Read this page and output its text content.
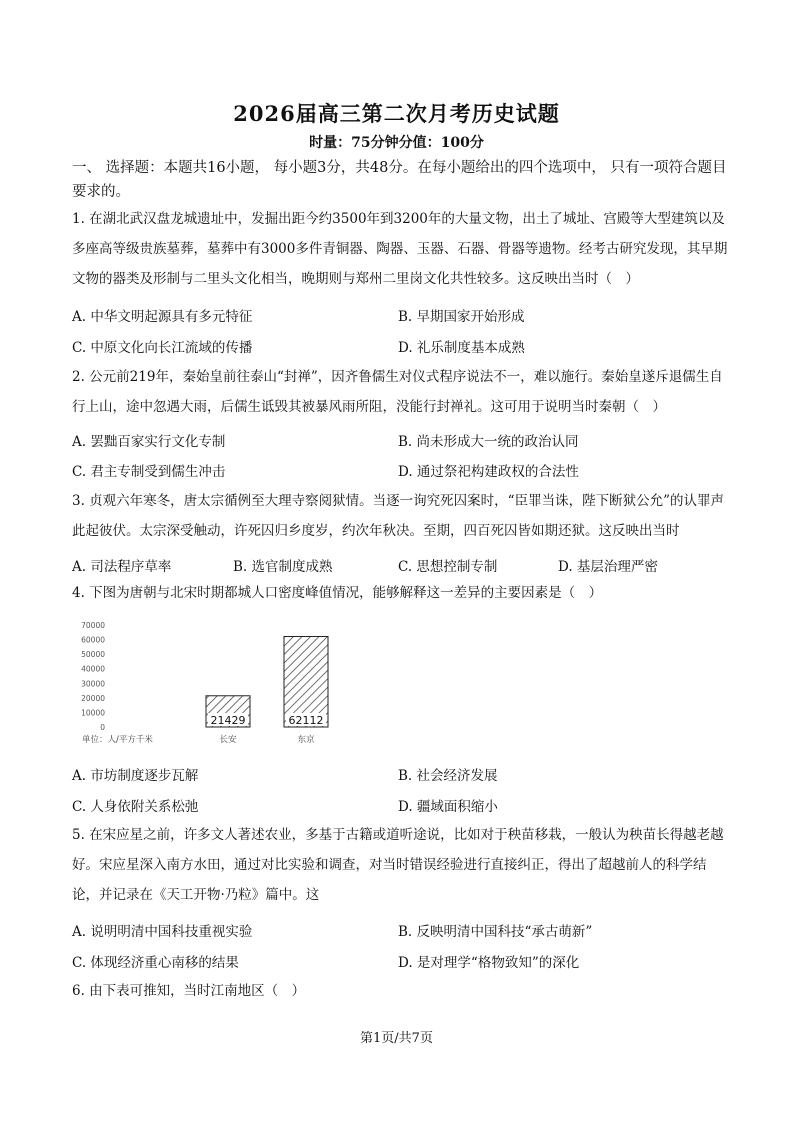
2026届高三第二次月考历史试题
时量：75分钟分值：100分
一、 选择题：本题共16小题， 每小题3分，共48分。在每小题给出的四个选项中， 只有一项符合题目要求的。
1. 在湖北武汉盘龙城遗址中，发掘出距今约3500年到3200年的大量文物，出土了城址、宫殿等大型建筑以及多座高等级贵族墓葬，墓葬中有3000多件青铜器、陶器、玉器、石器、骨器等遗物。经考古研究发现，其早期文物的器类及形制与二里头文化相当，晚期则与郑州二里岗文化共性较多。这反映出当时（　）
A. 中华文明起源具有多元特征	B. 早期国家开始形成
C. 中原文化向长江流域的传播	D. 礼乐制度基本成熟
2. 公元前219年，秦始皇前往泰山“封禅”，因齐鲁儒生对仪式程序说法不一，难以施行。秦始皇遂斥退儒生自行上山，途中忽遇大雨，后儒生诋毁其被暴风雨所阻，没能行封禅礼。这可用于说明当时秦朝（　）
A. 罢黜百家实行文化专制	B. 尚未形成大一统的政治认同
C. 君主专制受到儒生冲击	D. 通过祭祀构建政权的合法性
3. 贞观六年寒冬，唐太宗循例至大理寺察阅狱情。当逐一询究死囚案时，“臣罪当诛，陛下断狱公允”的认罪声此起彼伏。太宗深受触动，许死囚归乡度岁，约次年秋决。至期，四百死囚皆如期还狱。这反映出当时
A. 司法程序草率	B. 选官制度成熟	C. 思想控制专制	D. 基层治理严密
4. 下图为唐朝与北宋时期都城人口密度峰值情况，能够解释这一差异的主要因素是（　）
70000
60000
50000
40000
30000
20000
10000
0
21429
长安
62112
东京
单位：人/平方千米
A. 市坊制度逐步瓦解	B. 社会经济发展
C. 人身依附关系松弛	D. 疆域面积缩小
5. 在宋应星之前，许多文人著述农业，多基于古籍或道听途说，比如对于秧苗移栽，一般认为秧苗长得越老越好。宋应星深入南方水田，通过对比实验和调查，对当时错误经验进行直接纠正，得出了超越前人的科学结论，并记录在《天工开物·乃粒》篇中。这
A. 说明明清中国科技重视实验	B. 反映明清中国科技“承古萌新”
C. 体现经济重心南移的结果	D. 是对理学“格物致知”的深化
6. 由下表可推知，当时江南地区（　）
第1页/共7页
